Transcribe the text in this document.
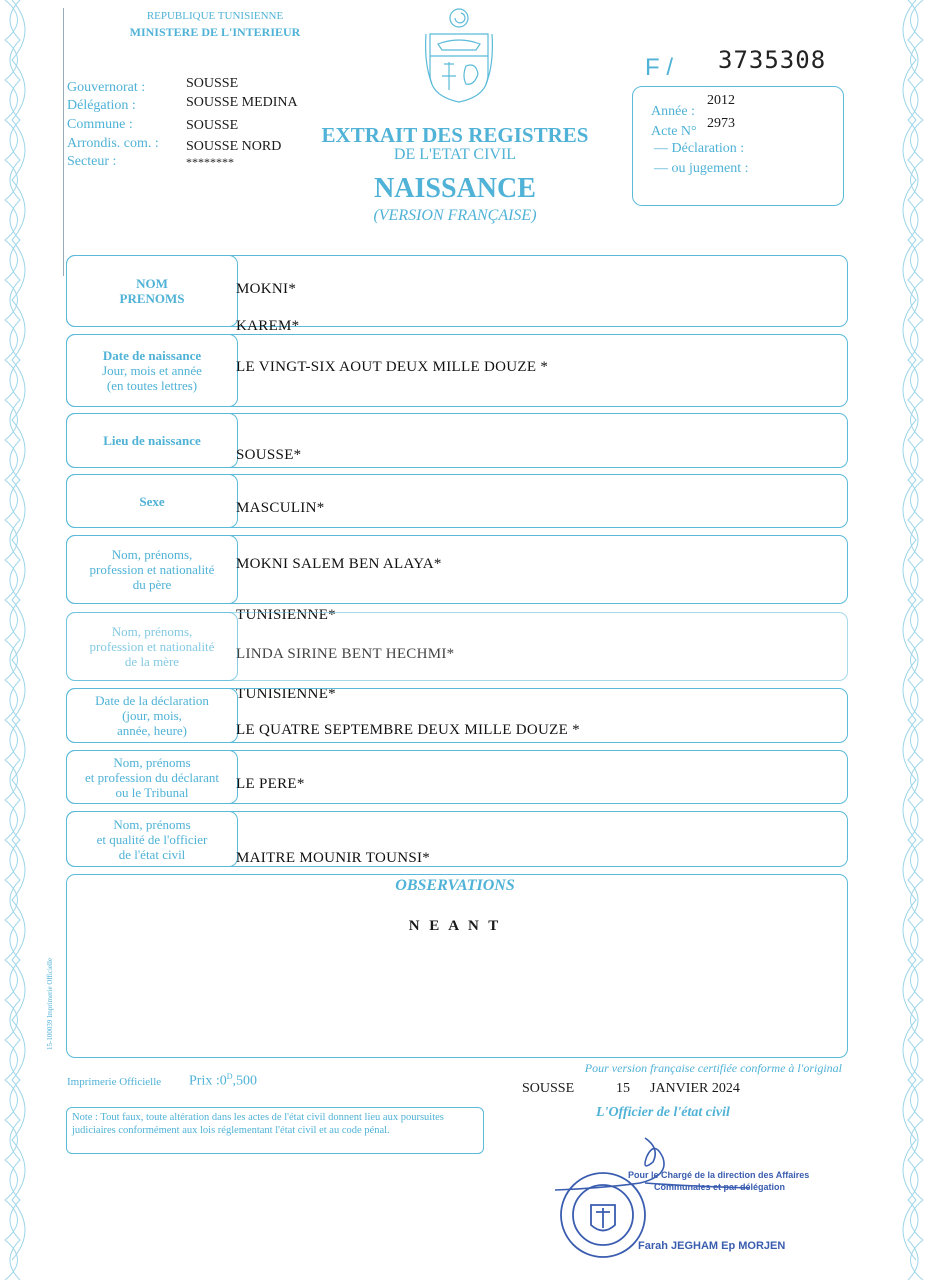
REPUBLIQUE TUNISIENNE
MINISTERE DE L'INTERIEUR
Gouvernorat :	SOUSSE
Délégation :	SOUSSE MEDINA
Commune :	SOUSSE
Arrondis. com. : SOUSSE NORD
Secteur :	********
EXTRAIT DES REGISTRES
DE L'ETAT CIVIL
NAISSANCE
(VERSION FRANÇAISE)
F / 3735308
Année :
2012
Acte N°
2973
— Déclaration :
— ou jugement :
NOM
PRENOMS
MOKNI*
KAREM*
Date de naissance
Jour, mois et année
(en toutes lettres)
LE VINGT-SIX AOUT DEUX MILLE DOUZE *
Lieu de naissance
SOUSSE*
Sexe	MASCULIN*
Nom, prénoms,
profession et nationalité
du père
MOKNI SALEM BEN ALAYA*
TUNISIENNE*
Nom, prénoms,
profession et nationalité
de la mère	LINDA SIRINE BENT HECHMI*
TUNISIENNE*
Date de la déclaration
(jour, mois,
année, heure)	LE QUATRE SEPTEMBRE DEUX MILLE DOUZE *
Nom, prénoms
et profession du déclarant
ou le Tribunal	LE PERE*
Nom, prénoms
et qualité de l'officier
de l'état civil	MAITRE MOUNIR TOUNSI*
OBSERVATIONS
N E A N T
15-100039 Imprimerie Officielle
Imprimerie Officielle Prix $:0^D,500$
Note : Tout faux, toute altération dans les actes de l'état civil donnent lieu aux poursuites judiciaires conformément aux lois réglementant l'état civil et au code pénal.
Pour version française certifiée conforme à l'original
SOUSSE	15 JANVIER 2024
L'Officier de l'état civil
Pour le Chargé de la direction des Affaires
Communales et par délégation
Farah JEGHAM Ep MORJEN
